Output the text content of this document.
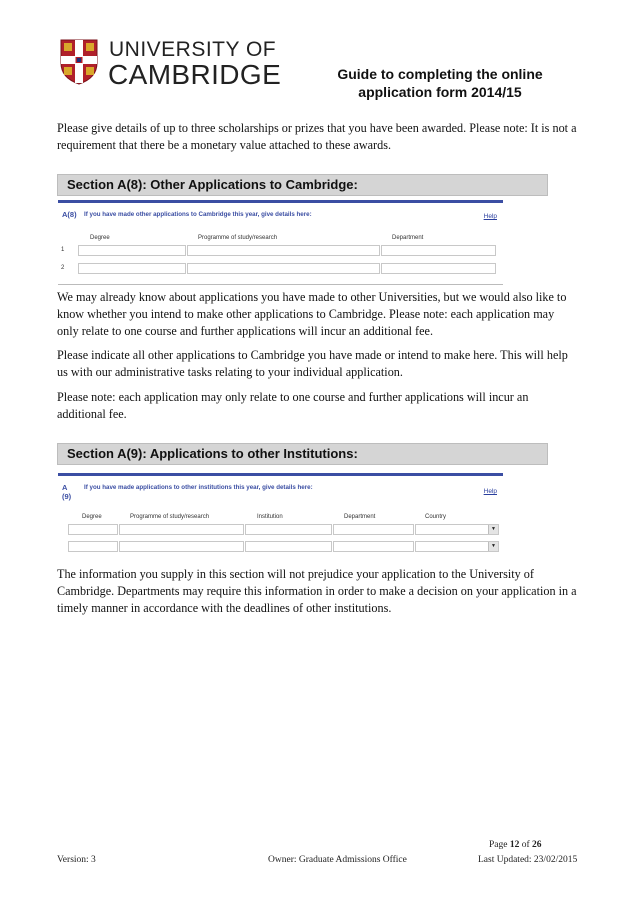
UNIVERSITY OF
CAMBRIDGE	Guide to completing the online
application form 2014/15
Please give details of up to three scholarships or prizes that you have been awarded. Please note: It is not a requirement that there be a monetary value attached to these awards.
Section A(8): Other Applications to Cambridge:
A(8) If you have made other applications to Cambridge this year, give details here:	Help
Degree	Programme of study/research	Department
1
2
We may already know about applications you have made to other Universities, but we would also like to know whether you intend to make other applications to Cambridge. Please note: each application may only relate to one course and further applications will incur an additional fee.
Please indicate all other applications to Cambridge you have made or intend to make here. This will help us with our administrative tasks relating to your individual application.
Please note: each application may only relate to one course and further applications will incur an additional fee.
Section A(9): Applications to other Institutions:
A
(9)
If you have made applications to other institutions this year, give details here:
Help
Degree	Programme of study/research	Institution	Department	Country
▼
▼
The information you supply in this section will not prejudice your application to the University of Cambridge. Departments may require this information in order to make a decision on your application in a timely manner in accordance with the deadlines of other institutions.
Page 12 of 26
Version: 3	Owner: Graduate Admissions Office	Last Updated: 23/02/2015
